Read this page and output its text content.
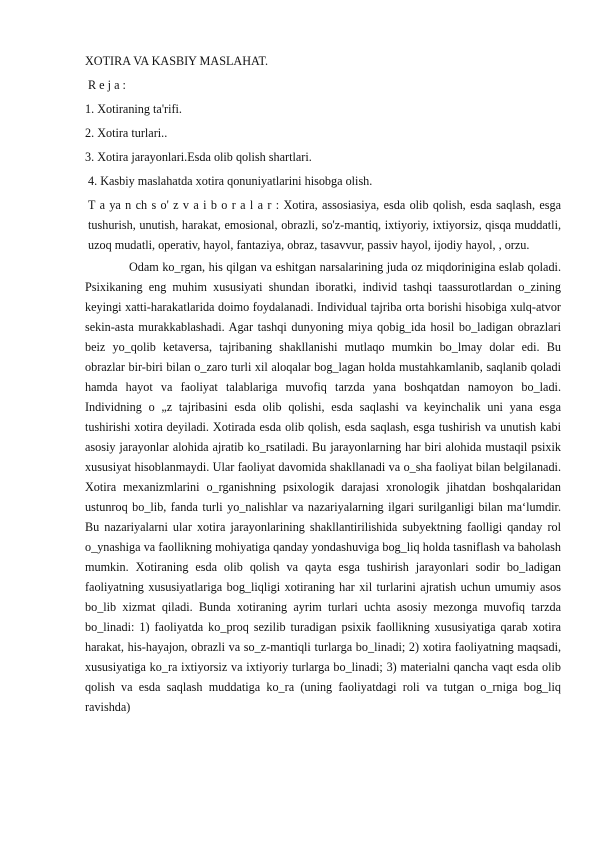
XOTIRA VA KASBIY MASLAHAT.

R e j a :

1. Xotiraning ta'rifi.

2. Xotira turlari..

3. Xotira jarayonlari.Esda olib qolish shartlari.

4. Kasbiy maslahatda xotira qonuniyatlarini hisobga olish.

T a ya n ch s o' z v a i b o r a l a r : Xotira, assosiasiya, esda olib qolish, esda saqlash, esga tushurish, unutish, harakat, emosional, obrazli, so'z-mantiq, ixtiyoriy, ixtiyorsiz, qisqa muddatli, uzoq mudatli, operativ, hayol, fantaziya, obraz, tasavvur, passiv hayol, ijodiy hayol, , orzu.

Odam ko_rgan, his qilgan va eshitgan narsalarining juda oz miqdorinigina eslab qoladi. Psixikaning eng muhim xususiyati shundan iboratki, individ tashqi taassurotlardan o_zining keyingi xatti-harakatlarida doimo foydalanadi. Individual tajriba orta borishi hisobiga xulq-atvor sekin-asta murakkablashadi. Agar tashqi dunyoning miya qobig_ida hosil bo_ladigan obrazlari beiz yo_qolib ketaversa, tajribaning shakllanishi mutlaqo mumkin bo_lmay dolar edi. Bu obrazlar bir-biri bilan o_zaro turli xil aloqalar bog_lagan holda mustahkamlanib, saqlanib qoladi hamda hayot va faoliyat talablariga muvofiq tarzda yana boshqatdan namoyon bo_ladi. Individning o „z tajribasini esda olib qolishi, esda saqlashi va keyinchalik uni yana esga tushirishi xotira deyiladi. Xotirada esda olib qolish, esda saqlash, esga tushirish va unutish kabi asosiy jarayonlar alohida ajratib ko_rsatiladi. Bu jarayonlarning har biri alohida mustaqil psixik xususiyat hisoblanmaydi. Ular faoliyat davomida shakllanadi va o_sha faoliyat bilan belgilanadi. Xotira mexanizmlarini o_rganishning psixologik darajasi xronologik jihatdan boshqalaridan ustunroq bo_lib, fanda turli yo_nalishlar va nazariyalarning ilgari surilganligi bilan ma‘lumdir. Bu nazariyalarni ular xotira jarayonlarining shakllantirilishida subyektning faolligi qanday rol o_ynashiga va faollikning mohiyatiga qanday yondashuviga bog_liq holda tasniflash va baholash mumkin. Xotiraning esda olib qolish va qayta esga tushirish jarayonlari sodir bo_ladigan faoliyatning xususiyatlariga bog_liqligi xotiraning har xil turlarini ajratish uchun umumiy asos bo_lib xizmat qiladi. Bunda xotiraning ayrim turlari uchta asosiy mezonga muvofiq tarzda bo_linadi: 1) faoliyatda ko_proq sezilib turadigan psixik faollikning xususiyatiga qarab xotira harakat, his-hayajon, obrazli va so_z-mantiqli turlarga bo_linadi; 2) xotira faoliyatning maqsadi, xususiyatiga ko_ra ixtiyorsiz va ixtiyoriy turlarga bo_linadi; 3) materialni qancha vaqt esda olib qolish va esda saqlash muddatiga ko_ra (uning faoliyatdagi roli va tutgan o_rniga bog_liq ravishda)
